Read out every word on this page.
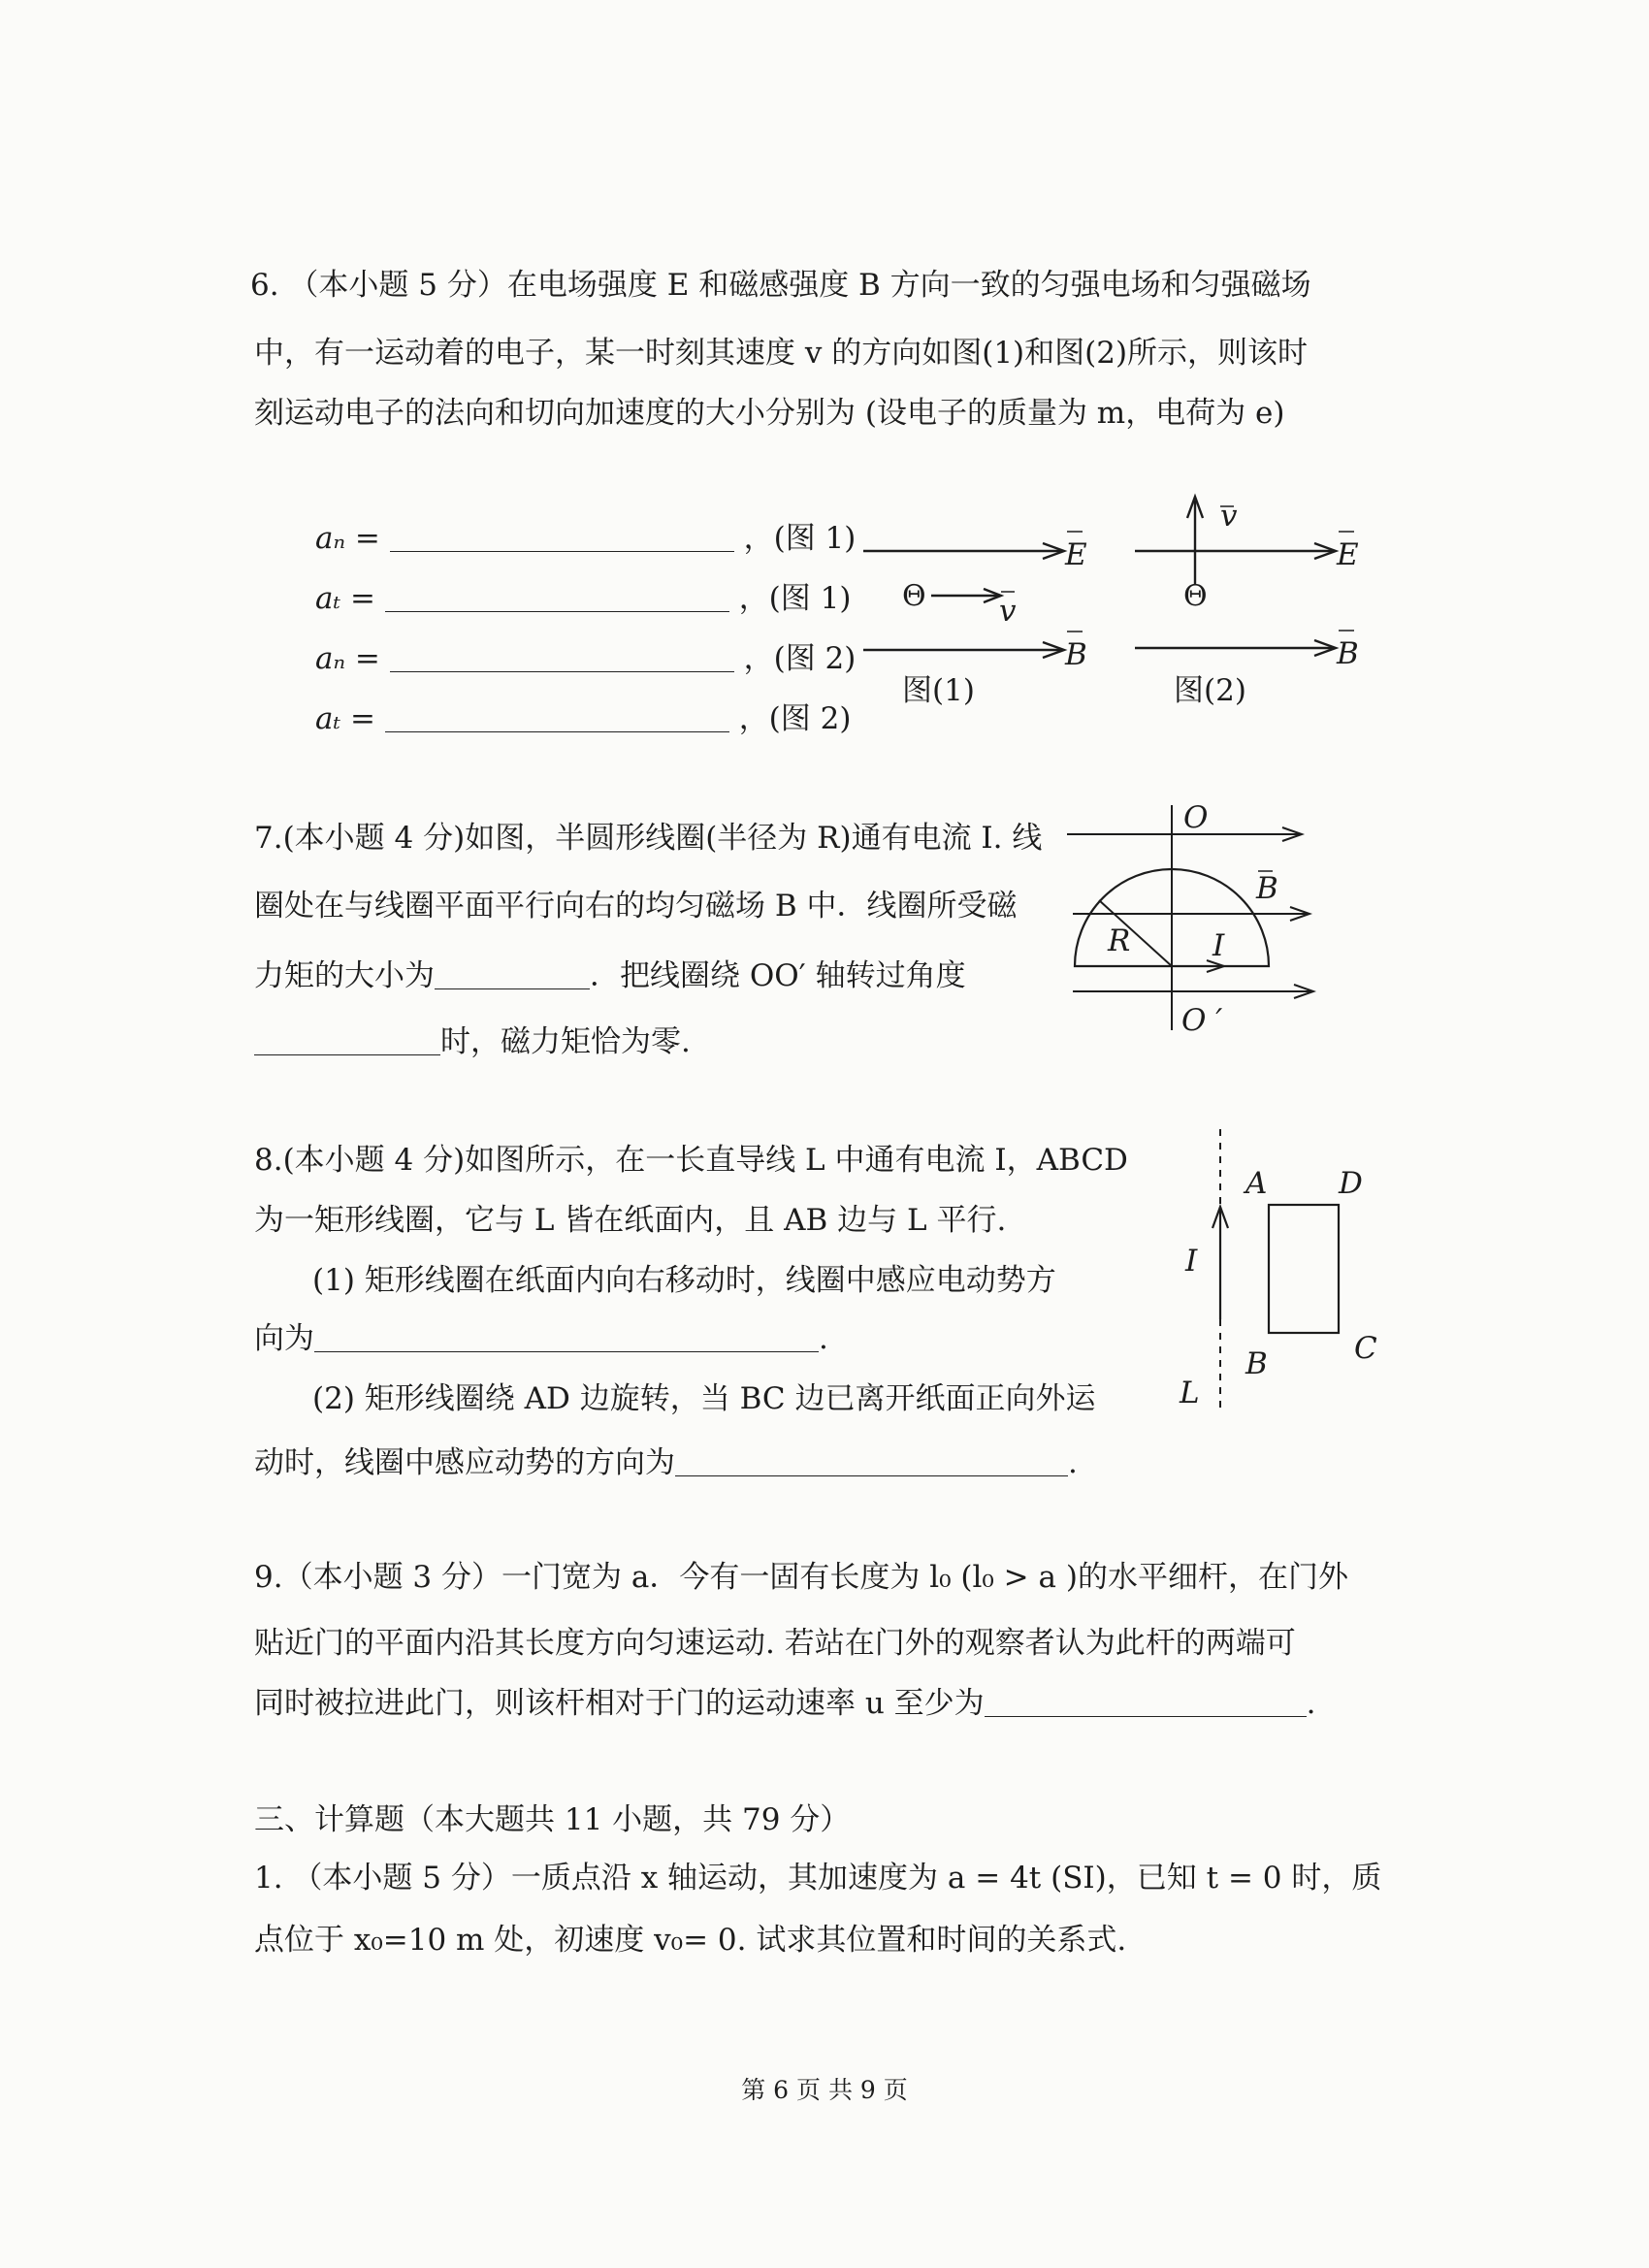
6. （本小题 5 分）在电场强度 E 和磁感强度 B 方向一致的匀强电场和匀强磁场
中，有一运动着的电子，某一时刻其速度 v 的方向如图(1)和图(2)所示，则该时
刻运动电子的法向和切向加速度的大小分别为 (设电子的质量为 m，电荷为 e)
aₙ =	，(图 1)
aₜ =	，(图 1)
aₙ =	，(图 2)
aₜ =	，(图 2)
E
Θ v
B
图(1)
v
E
Θ
B
图(2)
7.(本小题 4 分)如图，半圆形线圈(半径为 R)通有电流 I. 线
圈处在与线圈平面平行向右的均匀磁场 B 中．线圈所受磁
力矩的大小为	．把线圈绕 OO′ 轴转过角度
时，磁力矩恰为零.
O
O ′
B
R	I
8.(本小题 4 分)如图所示，在一长直导线 L 中通有电流 I，ABCD
为一矩形线圈，它与 L 皆在纸面内，且 AB 边与 L 平行.
(1) 矩形线圈在纸面内向右移动时，线圈中感应电动势方
向为	.
(2) 矩形线圈绕 AD 边旋转，当 BC 边已离开纸面正向外运
动时，线圈中感应动势的方向为	.
A D
B	C
I
L
9.（本小题 3 分）一门宽为 a．今有一固有长度为 l₀ (l₀ > a )的水平细杆，在门外
贴近门的平面内沿其长度方向匀速运动. 若站在门外的观察者认为此杆的两端可
同时被拉进此门，则该杆相对于门的运动速率 u 至少为	.
三、计算题（本大题共 11 小题，共 79 分）
1. （本小题 5 分）一质点沿 x 轴运动，其加速度为 a = 4t (SI)，已知 t = 0 时，质
点位于 x₀=10 m 处，初速度 v₀= 0. 试求其位置和时间的关系式.
第 6 页 共 9 页
